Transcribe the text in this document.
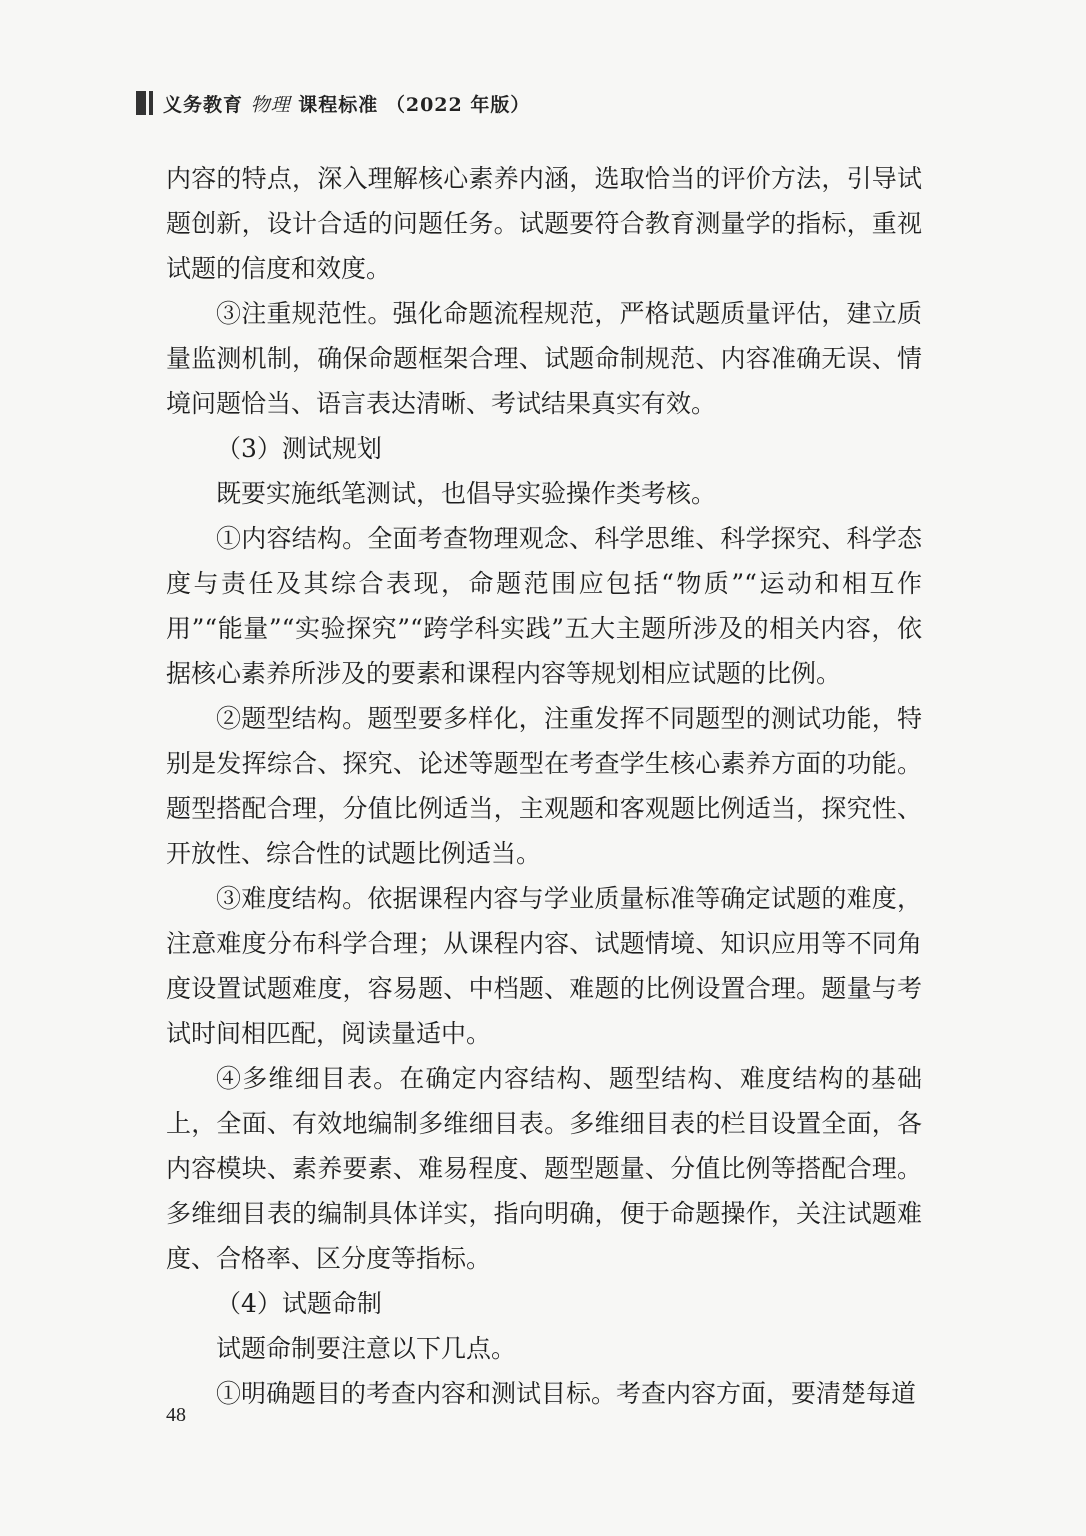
义务教育 物理 课程标准 （2022 年版）

内容的特点，深入理解核心素养内涵，选取恰当的评价方法，引导试题创新，设计合适的问题任务。试题要符合教育测量学的指标，重视试题的信度和效度。

③注重规范性。强化命题流程规范，严格试题质量评估，建立质量监测机制，确保命题框架合理、试题命制规范、内容准确无误、情境问题恰当、语言表达清晰、考试结果真实有效。

（3）测试规划

既要实施纸笔测试，也倡导实验操作类考核。

①内容结构。全面考查物理观念、科学思维、科学探究、科学态度与责任及其综合表现，命题范围应包括“物质”“运动和相互作用”“能量”“实验探究”“跨学科实践”五大主题所涉及的相关内容，依据核心素养所涉及的要素和课程内容等规划相应试题的比例。

②题型结构。题型要多样化，注重发挥不同题型的测试功能，特别是发挥综合、探究、论述等题型在考查学生核心素养方面的功能。题型搭配合理，分值比例适当，主观题和客观题比例适当，探究性、开放性、综合性的试题比例适当。

③难度结构。依据课程内容与学业质量标准等确定试题的难度，注意难度分布科学合理；从课程内容、试题情境、知识应用等不同角度设置试题难度，容易题、中档题、难题的比例设置合理。题量与考试时间相匹配，阅读量适中。

④多维细目表。在确定内容结构、题型结构、难度结构的基础上，全面、有效地编制多维细目表。多维细目表的栏目设置全面，各内容模块、素养要素、难易程度、题型题量、分值比例等搭配合理。多维细目表的编制具体详实，指向明确，便于命题操作，关注试题难度、合格率、区分度等指标。

（4）试题命制

试题命制要注意以下几点。

①明确题目的考查内容和测试目标。考查内容方面，要清楚每道

48
